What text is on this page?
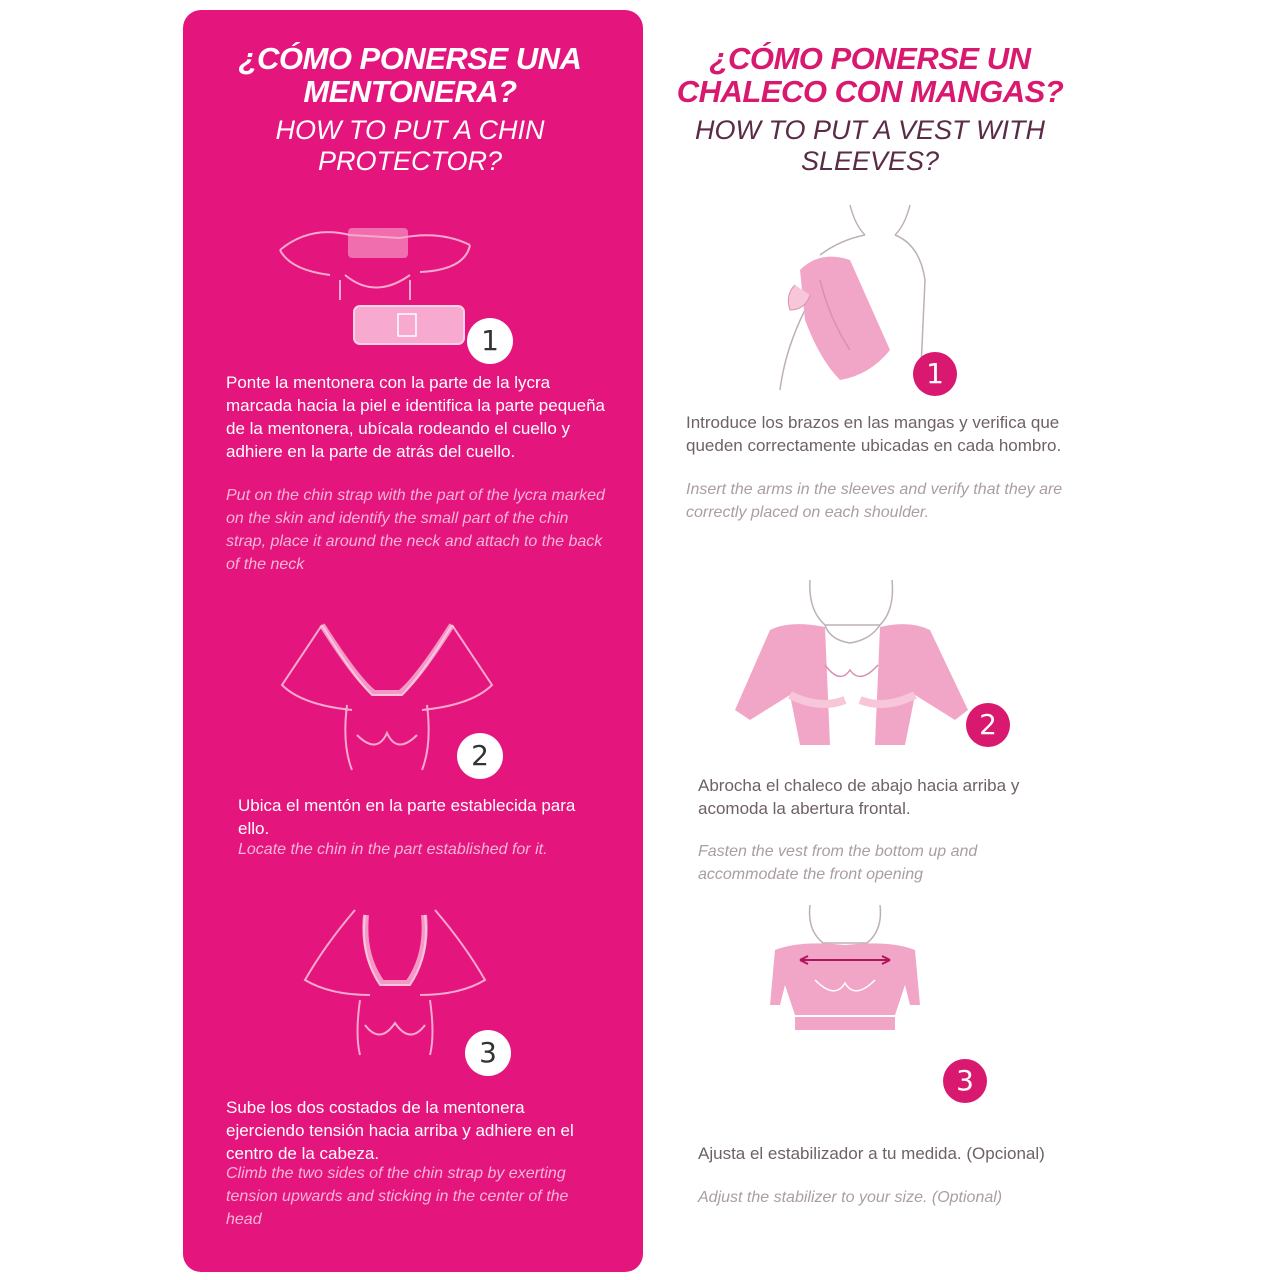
¿CÓMO PONERSE UNA MENTONERA?
HOW TO PUT A CHIN PROTECTOR?
1

Ponte la mentonera con la parte de la lycra marcada hacia la piel e identifica la parte pequeña de la mentonera, ubícala rodeando el cuello y adhiere en la parte de atrás del cuello.

Put on the chin strap with the part of the lycra marked on the skin and identify the small part of the chin strap, place it around the neck and attach to the back of the neck

2

Ubica el mentón en la parte establecida para ello.

Locate the chin in the part established for it.

3

Sube los dos costados de la mentonera ejerciendo tensión hacia arriba y adhiere en el centro de la cabeza.

Climb the two sides of the chin strap by exerting tension upwards and sticking in the center of the head

¿CÓMO PONERSE UN CHALECO CON MANGAS?
HOW TO PUT A VEST WITH SLEEVES?
1

Introduce los brazos en las mangas y verifica que queden correctamente ubicadas en cada hombro.

Insert the arms in the sleeves and verify that they are correctly placed on each shoulder.

2

Abrocha el chaleco de abajo hacia arriba y acomoda la abertura frontal.

Fasten the vest from the bottom up and accommodate the front opening

3

Ajusta el estabilizador a tu medida. (Opcional)

Adjust the stabilizer to your size. (Optional)
